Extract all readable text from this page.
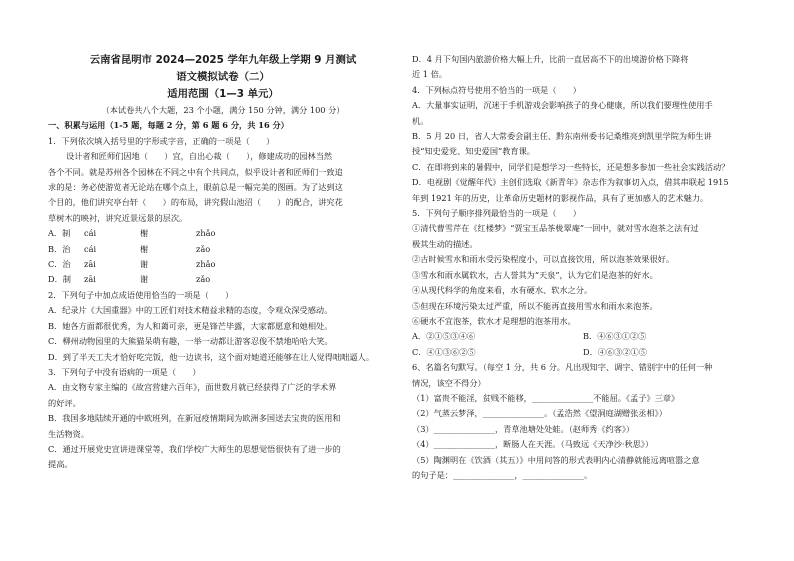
云南省昆明市 2024—2025 学年九年级上学期 9 月测试
语文模拟试卷（二）
适用范围（1—3 单元）
（本试卷共八个大题，23 个小题，满分 150 分钟，满分 100 分）
一、积累与运用（1-5 题，每题 2 分，第 6 题 6 分，共 16 分）
1．下列依次填入括号里的字形或字音，正确的一项是（　　）
设计者和匠师们因地（　　）宜，自出心裁（　　），修建成功的园林当然
各个不同。就是苏州各个园林在不同之中有个共同点，似乎设计者和匠师们一致追
求的是：务必使游览者无论站在哪个点上，眼前总是一幅完美的图画。为了达到这
个目的，他们讲究亭台轩（　　）的布局，讲究假山池沼（　　）的配合，讲究花
草树木的映衬，讲究近景远景的层次。
A．制	cái	榭	zhǎo
B．治	cái	榭	zǎo
C．治	zāi	谢	zhǎo
D．制	zāi	谢	zǎo
2．下列句子中加点成语使用恰当的一项是（　　）
A．纪录片《大国重器》中的工匠们对技术精益求精的态度，令观众深受感动。
B．她各方面都很优秀，为人和蔼可亲，更是锋芒毕露，大家都愿意和她相处。
C．柳州动物园里的大熊猫呆萌有趣，一举一动都让游客忍俊不禁地哈哈大笑。
D．到了半天工夫才恰好吃完饭，他一边读书，这个面对她道还能够在让人觉得咄咄逼人。
3．下列句子中没有语病的一项是（　　）
A．由文物专家主编的《故宫营建六百年》，面世数月就已经获得了广泛的学术界
的好评。
B．我国多地陆续开通的中欧班列，在新冠疫情期间为欧洲多国送去宝贵的医用和
生活物资。
C．通过开展党史宣讲进课堂等，我们学校广大师生的思想觉悟很快有了进一步的
提高。
D．4 月下旬国内旅游价格大幅上升，比前一直居高不下的出境游价格下降将
近 1 倍。
4．下列标点符号使用不恰当的一项是（　　）
A．大量事实证明，沉迷于手机游戏会影响孩子的身心健康，所以我们要理性使用手
机。
B．5 月 20 日，省人大常委会副主任、黔东南州委书记桑维亮到凯里学院为师生讲
授“知史爱党、知史爱国”教育课。
C．在即将到来的暑假中，同学们是想学习一些特长，还是想多参加一些社会实践活动？
D．电视剧《觉醒年代》主创们选取《新青年》杂志作为叙事切入点，借其串联起 1915
年到 1921 年的历史，让革命历史题材的影视作品，具有了更加感人的艺术魅力。
5．下列句子顺序排列最恰当的一项是（　　）
①清代曹雪芹在《红楼梦》“贾宝玉品茶栊翠庵”一回中，就对雪水泡茶之法有过
极其生动的描述。
②古时候雪水和雨水受污染程度小，可以直接饮用，所以泡茶效果很好。
③雪水和雨水属软水，古人誉其为“天泉”，认为它们是泡茶的好水。
④从现代科学的角度来看，水有硬水、软水之分。
⑤但现在环境污染太过严重，所以不能再直接用雪水和雨水来泡茶。
⑥硬水不宜泡茶，软水才是理想的泡茶用水。
A．②①⑤③④⑥	B．④⑥③①②⑤
C．④①③⑥②⑤	D．④⑥③②①⑤
6、名篇名句默写。（每空 1 分，共 6 分。凡出现知字、调字、错别字中的任何一种
情况，该空不得分）
（1）富贵不能淫，贫贱不能移，_______________不能屈。《孟子》三章》
（2）气蒸云梦泽，_______________。（孟浩然《望洞庭湖赠张丞相》）
（3）_______________，青草池塘处处蛙。（赵师秀《约客》）
（4）_______________，断肠人在天涯。（马致远《天净沙·秋思》）
（5）陶渊明在《饮酒（其五）》中用问答的形式表明内心清静就能远离喧嚣之意
的句子是：_______________，_______________。
